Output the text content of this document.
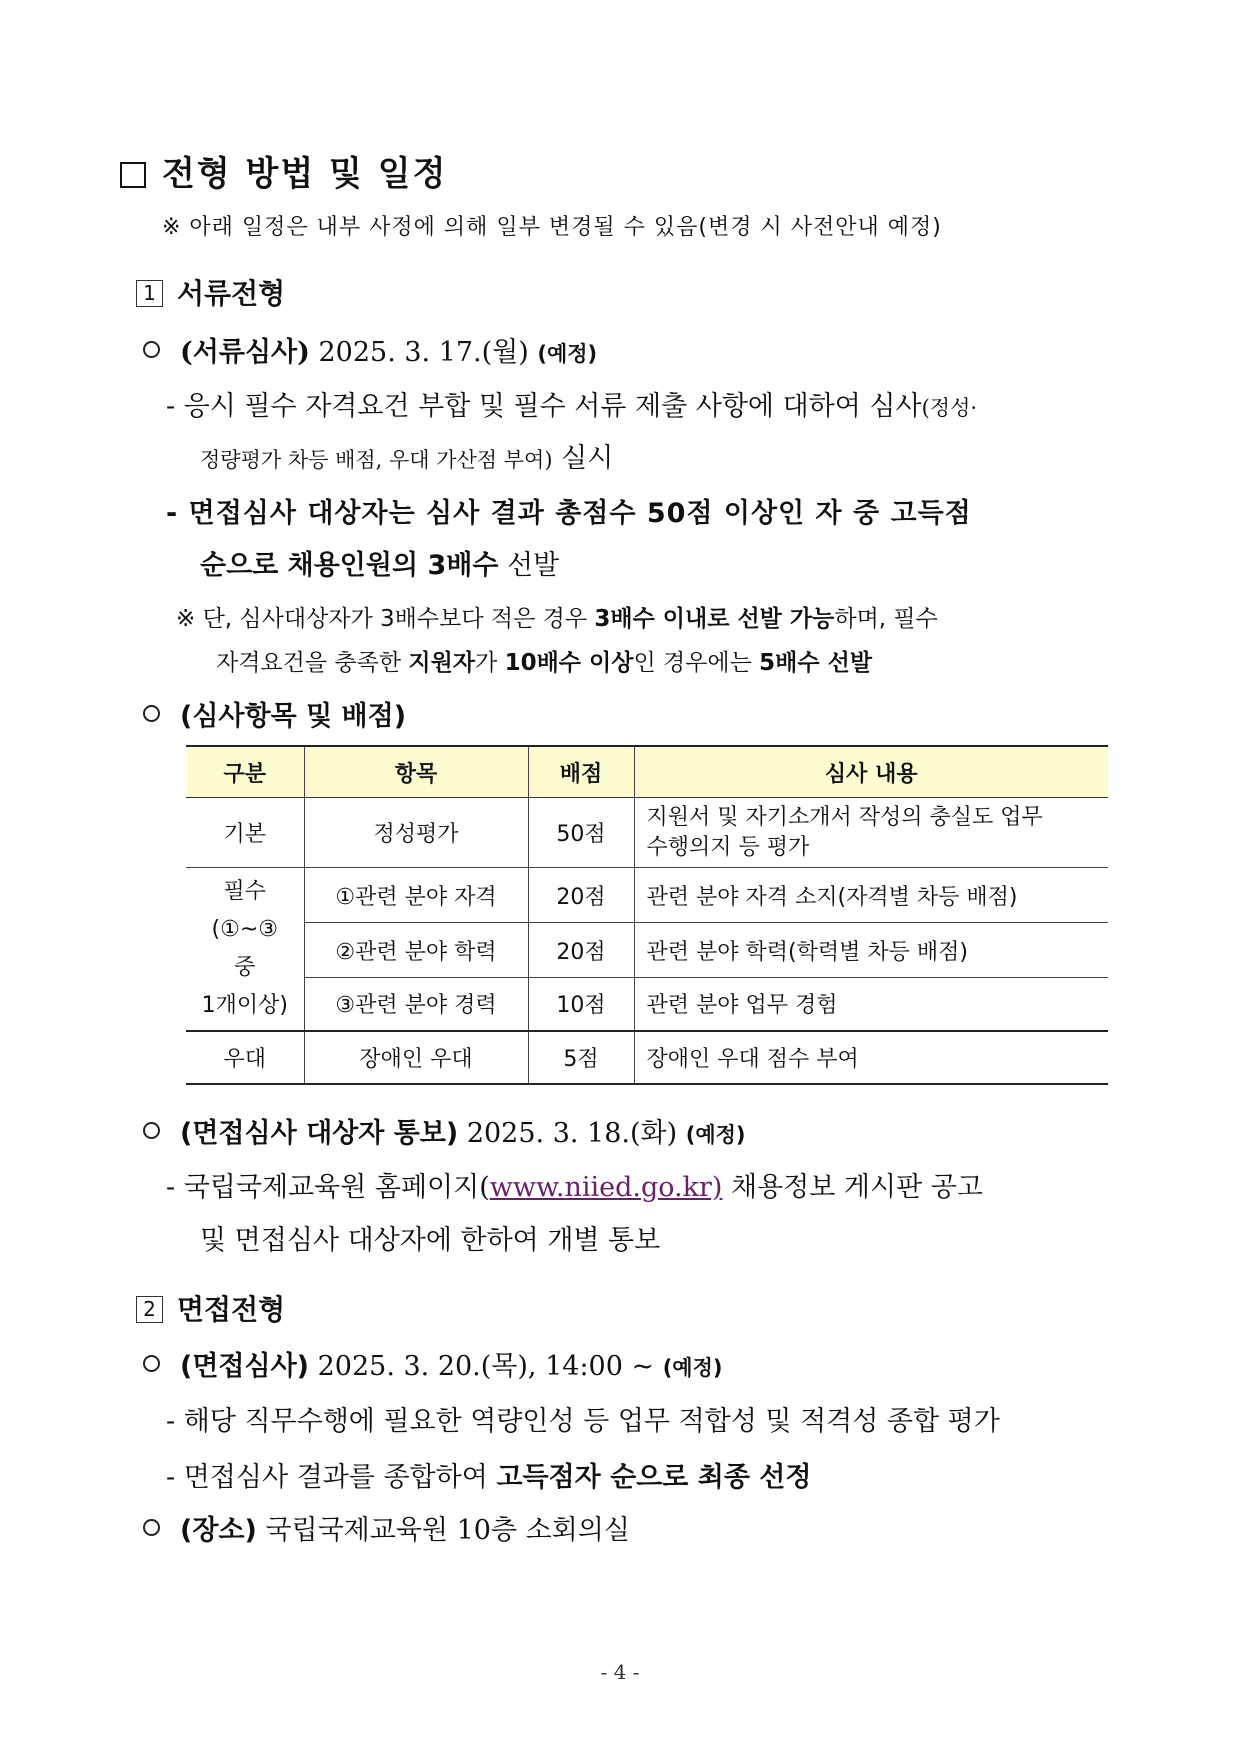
전형 방법 및 일정
※ 아래 일정은 내부 사정에 의해 일부 변경될 수 있음(변경 시 사전안내 예정)
1 서류전형
(서류심사) 2025. 3. 17.(월) (예정)
- 응시 필수 자격요건 부합 및 필수 서류 제출 사항에 대하여 심사(정성·
정량평가 차등 배점, 우대 가산점 부여) 실시
- 면접심사 대상자는 심사 결과 총점수 50점 이상인 자 중 고득점
순으로 채용인원의 3배수 선발
※ 단, 심사대상자가 3배수보다 적은 경우 3배수 이내로 선발 가능하며, 필수
자격요건을 충족한 지원자가 10배수 이상인 경우에는 5배수 선발
(심사항목 및 배점)
구분	항목	배점	심사 내용
기본	정성평가	50점	지원서 및 자기소개서 작성의 충실도 업무
수행의지 등 평가

필수
(①~③
중
1개이상)	①관련 분야 자격	20점	관련 분야 자격 소지(자격별 차등 배점)
	②관련 분야 학력	20점	관련 분야 학력(학력별 차등 배점)
	③관련 분야 경력	10점	관련 분야 업무 경험
우대	장애인 우대	5점	장애인 우대 점수 부여
(면접심사 대상자 통보) 2025. 3. 18.(화) (예정)
- 국립국제교육원 홈페이지(www.niied.go.kr) 채용정보 게시판 공고
및 면접심사 대상자에 한하여 개별 통보
2 면접전형
(면접심사) 2025. 3. 20.(목), 14:00 ~ (예정)
- 해당 직무수행에 필요한 역량인성 등 업무 적합성 및 적격성 종합 평가
- 면접심사 결과를 종합하여 고득점자 순으로 최종 선정
(장소) 국립국제교육원 10층 소회의실
- 4 -
